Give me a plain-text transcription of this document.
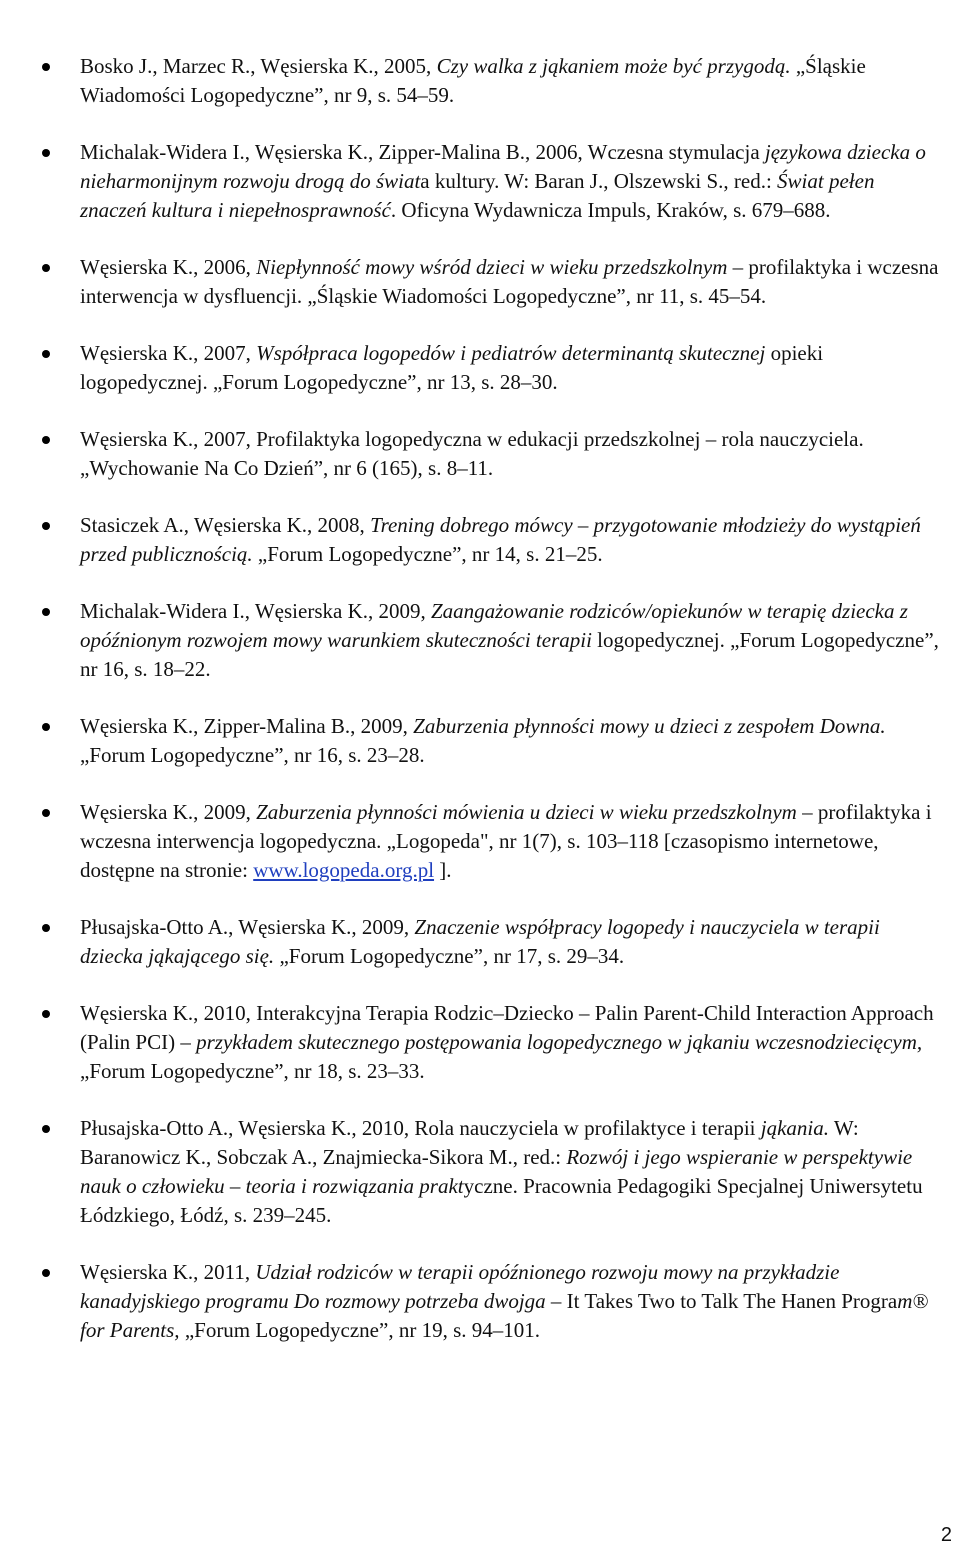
Bosko J., Marzec R., Węsierska K., 2005, Czy walka z jąkaniem może być przygodą. „Śląskie Wiadomości Logopedyczne”, nr 9, s. 54–59.
Michalak-Widera I., Węsierska K., Zipper-Malina B., 2006, Wczesna stymulacja językowa dziecka o nieharmonijnym rozwoju drogą do świata kultury. W: Baran J., Olszewski S., red.: Świat pełen znaczeń kultura i niepełnosprawność. Oficyna Wydawnicza Impuls, Kraków, s. 679–688.
Węsierska K., 2006, Niepłynność mowy wśród dzieci w wieku przedszkolnym – profilaktyka i wczesna interwencja w dysfluencji. „Śląskie Wiadomości Logopedyczne”, nr 11, s. 45–54.
Węsierska K., 2007, Współpraca logopedów i pediatrów determinantą skutecznej opieki logopedycznej. „Forum Logopedyczne”, nr 13, s. 28–30.
Węsierska K., 2007, Profilaktyka logopedyczna w edukacji przedszkolnej – rola nauczyciela. „Wychowanie Na Co Dzień”, nr 6 (165), s. 8–11.
Stasiczek A., Węsierska K., 2008, Trening dobrego mówcy – przygotowanie młodzieży do wystąpień przed publicznością. „Forum Logopedyczne”, nr 14, s. 21–25.
Michalak-Widera I., Węsierska K., 2009, Zaangażowanie rodziców/opiekunów w terapię dziecka z opóźnionym rozwojem mowy warunkiem skuteczności terapii logopedycznej. „Forum Logopedyczne”, nr 16, s. 18–22.
Węsierska K., Zipper-Malina B., 2009, Zaburzenia płynności mowy u dzieci z zespołem Downa. „Forum Logopedyczne”, nr 16, s. 23–28.
Węsierska K., 2009, Zaburzenia płynności mówienia u dzieci w wieku przedszkolnym – profilaktyka i wczesna interwencja logopedyczna. „Logopeda", nr 1(7), s. 103–118 [czasopismo internetowe, dostępne na stronie: www.logopeda.org.pl ].
Płusajska-Otto A., Węsierska K., 2009, Znaczenie współpracy logopedy i nauczyciela w terapii dziecka jąkającego się. „Forum Logopedyczne”, nr 17, s. 29–34.
Węsierska K., 2010, Interakcyjna Terapia Rodzic–Dziecko – Palin Parent-Child Interaction Approach (Palin PCI) – przykładem skutecznego postępowania logopedycznego w jąkaniu wczesnodziecięcym, „Forum Logopedyczne”, nr 18, s. 23–33.
Płusajska-Otto A., Węsierska K., 2010, Rola nauczyciela w profilaktyce i terapii jąkania. W: Baranowicz K., Sobczak A., Znajmiecka-Sikora M., red.: Rozwój i jego wspieranie w perspektywie nauk o człowieku – teoria i rozwiązania praktyczne. Pracownia Pedagogiki Specjalnej Uniwersytetu Łódzkiego, Łódź, s. 239–245.
Węsierska K., 2011, Udział rodziców w terapii opóźnionego rozwoju mowy na przykładzie kanadyjskiego programu Do rozmowy potrzeba dwojga – It Takes Two to Talk The Hanen Program® for Parents, „Forum Logopedyczne”, nr 19, s. 94–101.
2
